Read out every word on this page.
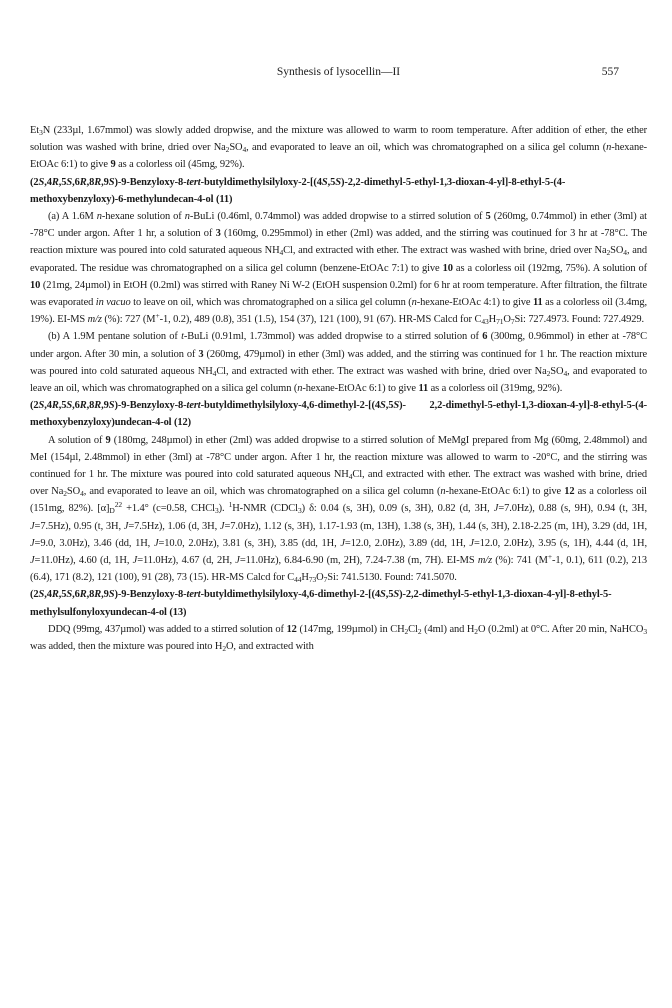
Synthesis of lysocellin—II	557

$Et_3N$ (233µl, 1.67mmol) was slowly added dropwise, and the mixture was allowed to warm to room temperature. After addition of ether, the ether solution was washed with brine, dried over $Na_2SO_4$, and evaporated to leave an oil, which was chromatographed on a silica gel column (n-hexane-EtOAc 6:1) to give 9 as a colorless oil (45mg, 92%).

(2S,4R,5S,6R,8R,9S)-9-Benzyloxy-8-tert-butyldimethylsilyloxy-2-[(4S,5S)-2,2-dimethyl-5-ethyl-1,3-dioxan-4-yl]-8-ethyl-5-(4-methoxybenzyloxy)-6-methylundecan-4-ol (11)

(a) A 1.6M n-hexane solution of n-BuLi (0.46ml, 0.74mmol) was added dropwise to a stirred solution of 5 (260mg, 0.74mmol) in ether (3ml) at -78°C under argon. After 1 hr, a solution of 3 (160mg, 0.295mmol) in ether (2ml) was added, and the stirring was coutinued for 3 hr at -78°C. The reaction mixture was poured into cold saturated aqueous $NH_4Cl$, and extracted with ether. The extract was washed with brine, dried over $Na_2SO_4$, and evaporated. The residue was chromatographed on a silica gel column (benzene-EtOAc 7:1) to give 10 as a colorless oil (192mg, 75%). A solution of 10 (21mg, 24µmol) in EtOH (0.2ml) was stirred with Raney Ni W-2 (EtOH suspension 0.2ml) for 6 hr at room temperature. After filtration, the filtrate was evaporated in vacuo to leave on oil, which was chromatographed on a silica gel column (n-hexane-EtOAc 4:1) to give 11 as a colorless oil (3.4mg, 19%). EI-MS m/z (%): 727 (M+-1, 0.2), 489 (0.8), 351 (1.5), 154 (37), 121 (100), 91 (67). HR-MS Calcd for $C_{43}H_{71}O_7Si$: 727.4973. Found: 727.4929.

(b) A 1.9M pentane solution of t-BuLi (0.91ml, 1.73mmol) was added dropwise to a stirred solution of 6 (300mg, 0.96mmol) in ether at -78°C under argon. After 30 min, a solution of 3 (260mg, 479µmol) in ether (3ml) was added, and the stirring was continued for 1 hr. The reaction mixture was poured into cold saturated aqueous $NH_4Cl$, and extracted with ether. The extract was washed with brine, dried over $Na_2SO_4$, and evaporated to leave an oil, which was chromatographed on a silica gel column (n-hexane-EtOAc 6:1) to give 11 as a colorless oil (319mg, 92%).

(2S,4R,5S,6R,8R,9S)-9-Benzyloxy-8-tert-butyldimethylsilyloxy-4,6-dimethyl-2-[(4S,5S)- 2,2-dimethyl-5-ethyl-1,3-dioxan-4-yl]-8-ethyl-5-(4-methoxybenzyloxy)undecan-4-ol (12)

A solution of 9 (180mg, 248µmol) in ether (2ml) was added dropwise to a stirred solution of MeMgI prepared from Mg (60mg, 2.48mmol) and MeI (154µl, 2.48mmol) in ether (3ml) at -78°C under argon. After 1 hr, the reaction mixture was allowed to warm to -20°C, and the stirring was continued for 1 hr. The mixture was poured into cold saturated aqueous $NH_4Cl$, and extracted with ether. The extract was washed with brine, dried over $Na_2SO_4$, and evaporated to leave an oil, which was chromatographed on a silica gel column (n-hexane-EtOAc 6:1) to give 12 as a colorless oil (151mg, 82%). $[\alpha]_D^{22} +1.4^\circ$ (c=0.58, CHCl$_3$). $^1$H-NMR (CDCl$_3$) δ: 0.04 (s, 3H), 0.09 (s, 3H), 0.82 (d, 3H, J=7.0Hz), 0.88 (s, 9H), 0.94 (t, 3H, J=7.5Hz), 0.95 (t, 3H, J=7.5Hz), 1.06 (d, 3H, J=7.0Hz), 1.12 (s, 3H), 1.17-1.93 (m, 13H), 1.38 (s, 3H), 1.44 (s, 3H), 2.18-2.25 (m, 1H), 3.29 (dd, 1H, J=9.0, 3.0Hz), 3.46 (dd, 1H, J=10.0, 2.0Hz), 3.81 (s, 3H), 3.85 (dd, 1H, J=12.0, 2.0Hz), 3.89 (dd, 1H, J=12.0, 2.0Hz), 3.95 (s, 1H), 4.44 (d, 1H, J=11.0Hz), 4.60 (d, 1H, J=11.0Hz), 4.67 (d, 2H, J=11.0Hz), 6.84-6.90 (m, 2H), 7.24-7.38 (m, 7H). EI-MS m/z (%): 741 (M+-1, 0.1), 611 (0.2), 213 (6.4), 171 (8.2), 121 (100), 91 (28), 73 (15). HR-MS Calcd for $C_{44}H_{73}O_7Si$: 741.5130. Found: 741.5070.

(2S,4R,5S,6R,8R,9S)-9-Benzyloxy-8-tert-butyldimethylsilyloxy-4,6-dimethyl-2-[(4S,5S)-2,2-dimethyl-5-ethyl-1,3-dioxan-4-yl]-8-ethyl-5-methylsulfonyloxyundecan-4-ol (13)

DDQ (99mg, 437µmol) was added to a stirred solution of 12 (147mg, 199µmol) in $CH_2Cl_2$ (4ml) and $H_2O$ (0.2ml) at 0°C. After 20 min, NaHCO$_3$ was added, then the mixture was poured into $H_2O$, and extracted with
